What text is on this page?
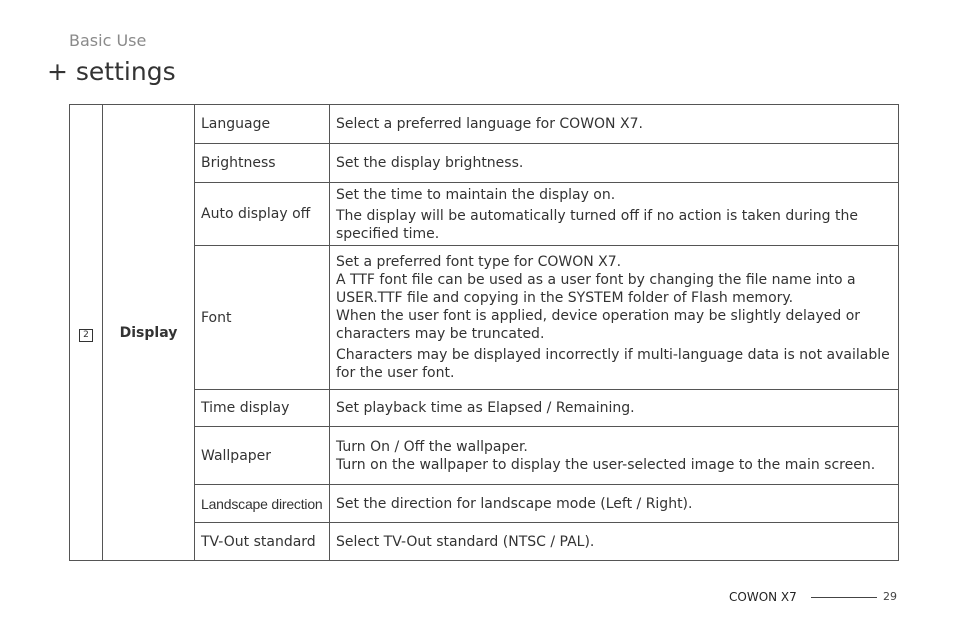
Basic Use
+ settings
2	Display	Language	Select a preferred language for COWON X7.

		Brightness	Set the display brightness.

		Auto display off	Set the time to maintain the display on.
The display will be automatically turned off if no action is taken during the specified time.

		Font	Set a preferred font type for COWON X7.
A TTF font file can be used as a user font by changing the file name into a USER.TTF file and copying in the SYSTEM folder of Flash memory.
When the user font is applied, device operation may be slightly delayed or characters may be truncated.
Characters may be displayed incorrectly if multi-language data is not available for the user font.

		Time display	Set playback time as Elapsed / Remaining.

		Wallpaper	Turn On / Off the wallpaper.
Turn on the wallpaper to display the user-selected image to the main screen.

		Landscape direction	Set the direction for landscape mode (Left / Right).

		TV-Out standard	Select TV-Out standard (NTSC / PAL).
COWON X7	29
